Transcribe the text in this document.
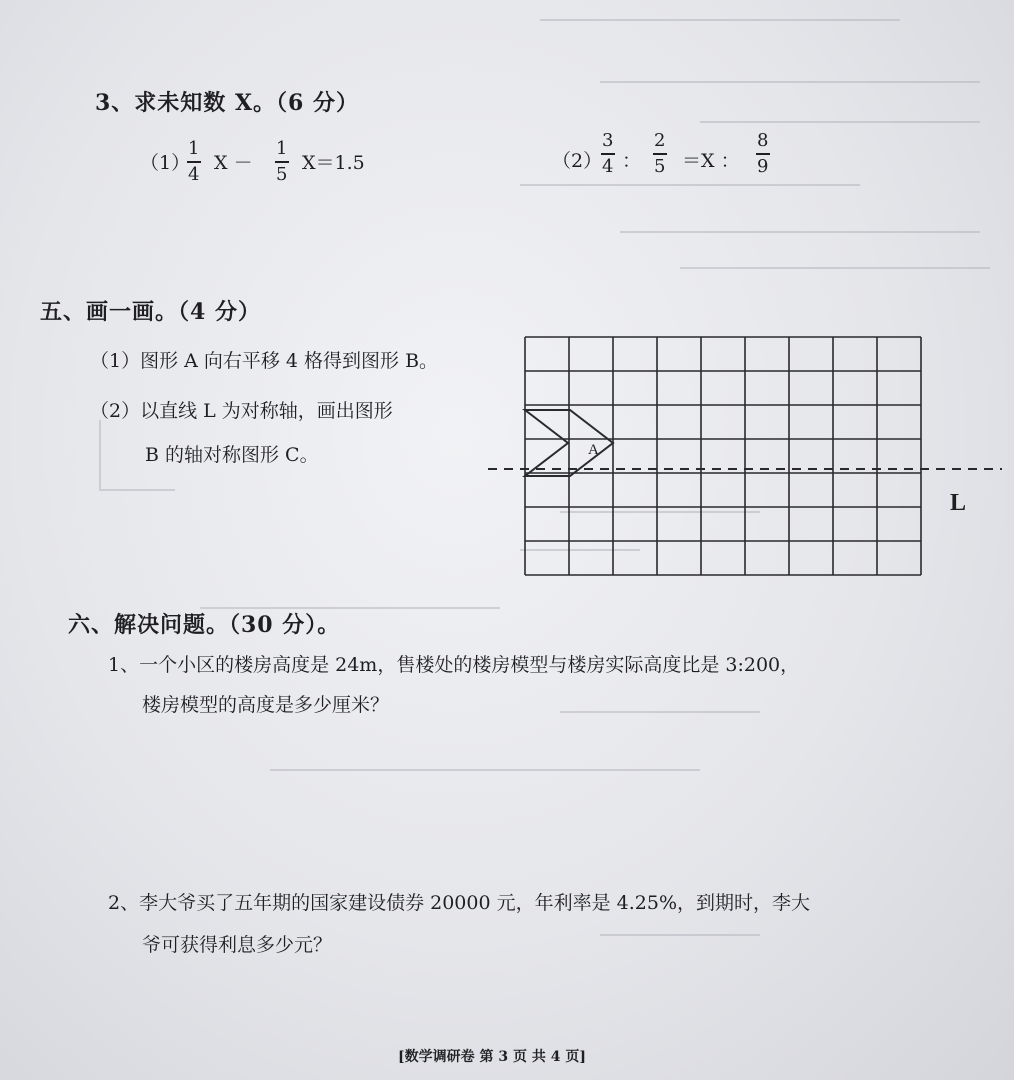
3、求未知数 X。（6 分）
（1）
1
4
X －
1
5
X＝1.5	（2）
3
4 ：
2
5 ＝X ：
8
9
五、画一画。（4 分）
（1）图形 A 向右平移 4 格得到图形 B。
（2）以直线 L 为对称轴，画出图形
B 的轴对称图形 C。	A
L
六、解决问题。（30 分）。
1、一个小区的楼房高度是 24m，售楼处的楼房模型与楼房实际高度比是 3:200，
楼房模型的高度是多少厘米？
2、李大爷买了五年期的国家建设债券 20000 元，年利率是 4.25%，到期时，李大
爷可获得利息多少元？
[数学调研卷 第 3 页 共 4 页]
